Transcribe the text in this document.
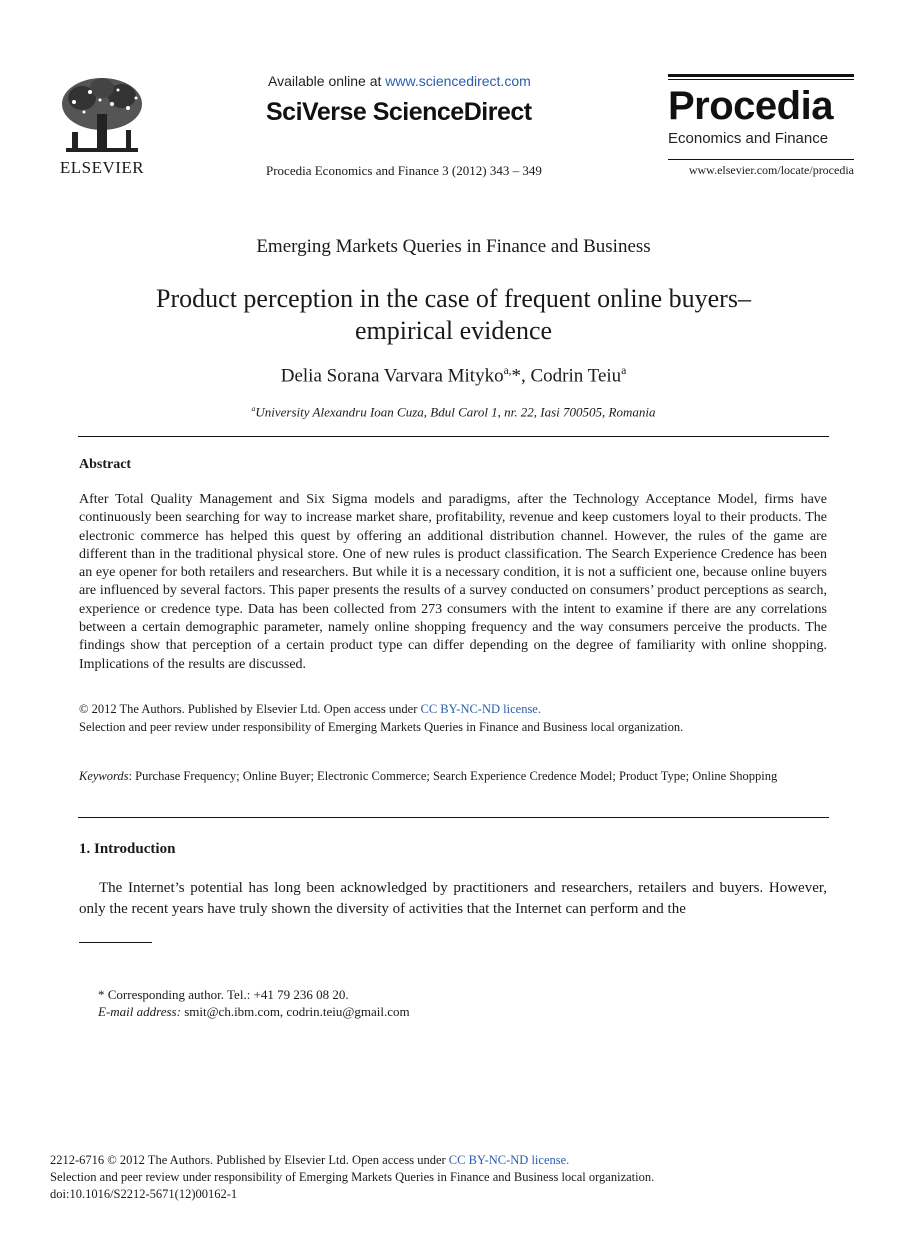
ELSEVIER
Available online at www.sciencedirect.com
SciVerse ScienceDirect
Procedia Economics and Finance 3 (2012) 343 – 349
Procedia
Economics and Finance
www.elsevier.com/locate/procedia
Emerging Markets Queries in Finance and Business
Product perception in the case of frequent online buyers–
empirical evidence
Delia Sorana Varvara Mityko$^{a,}$*, Codrin Teiu$^a$
$^a$University Alexandru Ioan Cuza, Bdul Carol 1, nr. 22, Iasi 700505, Romania
Abstract
After Total Quality Management and Six Sigma models and paradigms, after the Technology Acceptance Model, firms have continuously been searching for way to increase market share, profitability, revenue and keep customers loyal to their products. The electronic commerce has helped this quest by offering an additional distribution channel. However, the rules of the game are different than in the traditional physical store. One of new rules is product classification. The Search Experience Credence has been an eye opener for both retailers and researchers. But while it is a necessary condition, it is not a sufficient one, because online buyers are influenced by several factors. This paper presents the results of a survey conducted on consumers’ product perceptions as search, experience or credence type. Data has been collected from 273 consumers with the intent to examine if there are any correlations between a certain demographic parameter, namely online shopping frequency and the way consumers perceive the products. The findings show that perception of a certain product type can differ depending on the degree of familiarity with online shopping. Implications of the results are discussed.
© 2012 The Authors. Published by Elsevier Ltd. Open access under CC BY-NC-ND license.
Selection and peer review under responsibility of Emerging Markets Queries in Finance and Business local organization.
Keywords: Purchase Frequency; Online Buyer; Electronic Commerce; Search Experience Credence Model; Product Type; Online Shopping
1. Introduction
The Internet’s potential has long been acknowledged by practitioners and researchers, retailers and buyers. However, only the recent years have truly shown the diversity of activities that the Internet can perform and the
* Corresponding author. Tel.: +41 79 236 08 20.
E-mail address: smit@ch.ibm.com, codrin.teiu@gmail.com
2212-6716 © 2012 The Authors. Published by Elsevier Ltd. Open access under CC BY-NC-ND license.
Selection and peer review under responsibility of Emerging Markets Queries in Finance and Business local organization.
doi:10.1016/S2212-5671(12)00162-1
